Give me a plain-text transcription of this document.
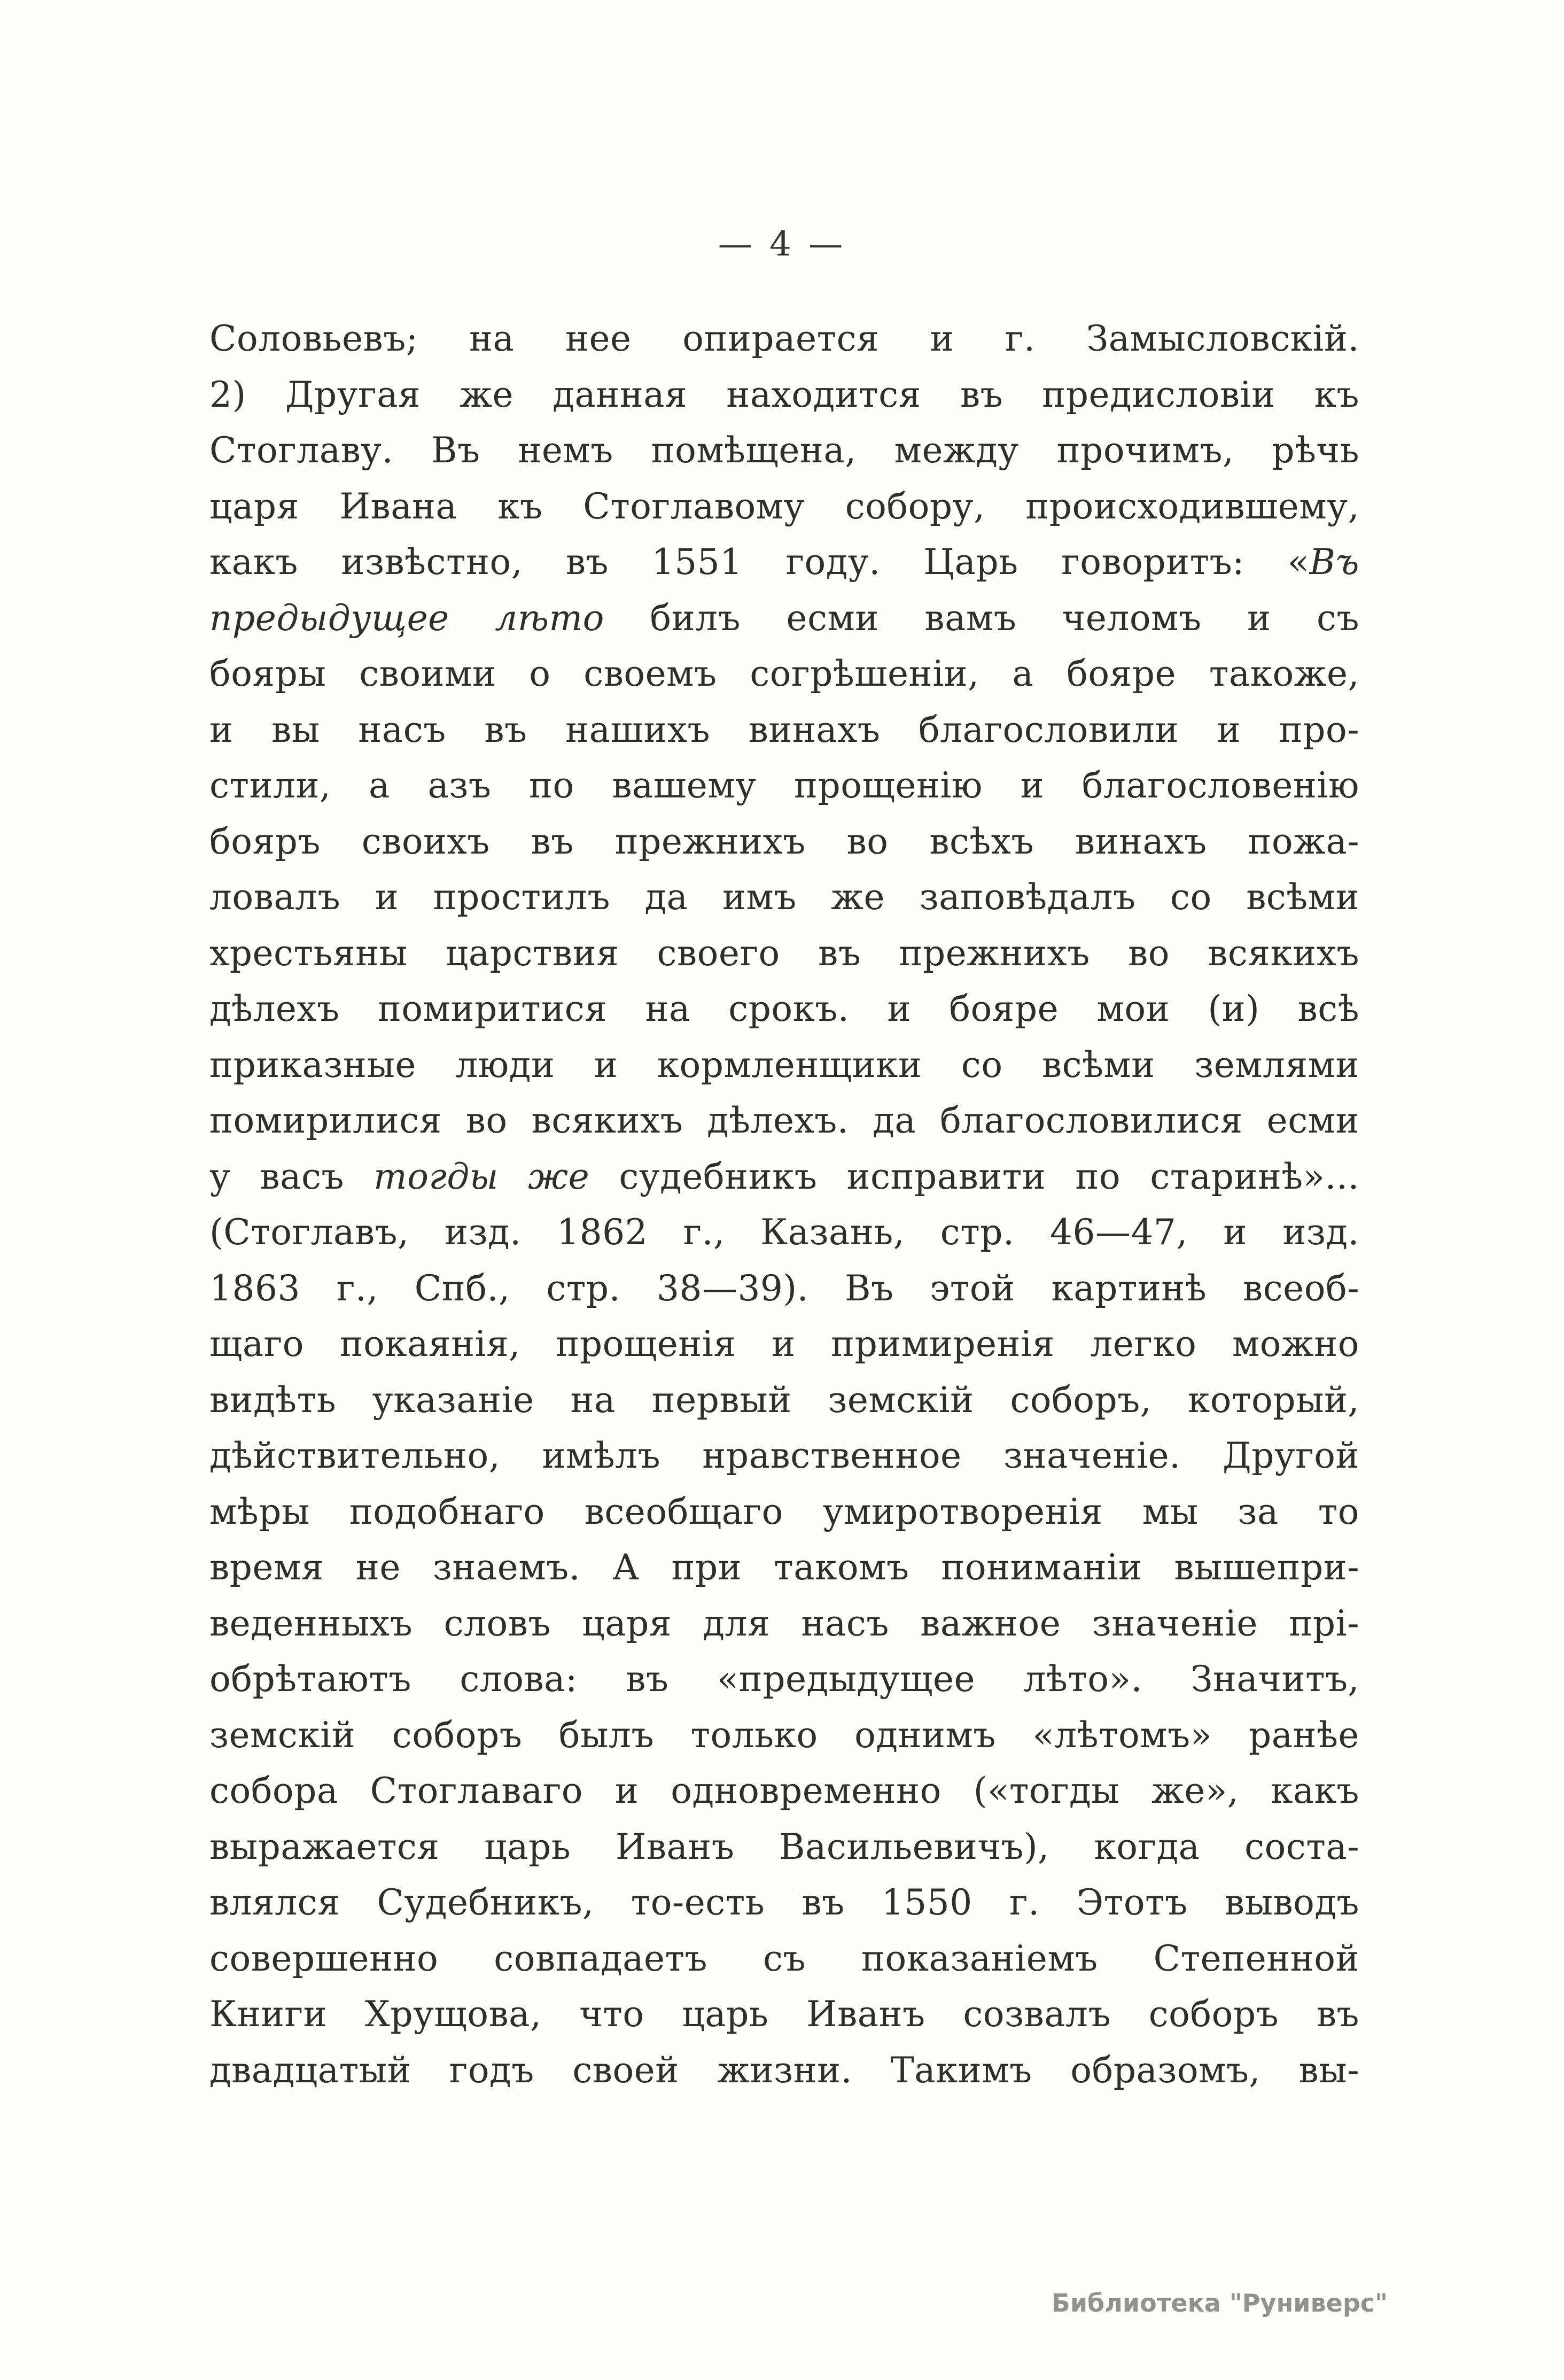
— 4 —
Соловьевъ; на нее опирается и г. Замысловскій.
2) Другая же данная находится въ предисловіи къ
Стоглаву. Въ немъ помѣщена, между прочимъ, рѣчь
царя Ивана къ Стоглавому собору, происходившему,
какъ извѣстно, въ 1551 году. Царь говоритъ: «Въ
предыдущее лѣто билъ есми вамъ челомъ и съ
бояры своими о своемъ согрѣшеніи, а бояре такоже,
и вы насъ въ нашихъ винахъ благословили и про-
стили, а азъ по вашему прощенію и благословенію
бояръ своихъ въ прежнихъ во всѣхъ винахъ пожа-
ловалъ и простилъ да имъ же заповѣдалъ со всѣми
хрестьяны царствия своего въ прежнихъ во всякихъ
дѣлехъ помиритися на срокъ. и бояре мои (и) всѣ
приказные люди и кормленщики со всѣми землями
помирилися во всякихъ дѣлехъ. да благословилися есми
у васъ тогды же судебникъ исправити по старинѣ»...
(Стоглавъ, изд. 1862 г., Казань, стр. 46—47, и изд.
1863 г., Спб., стр. 38—39). Въ этой картинѣ всеоб-
щаго покаянія, прощенія и примиренія легко можно
видѣть указаніе на первый земскій соборъ, который,
дѣйствительно, имѣлъ нравственное значеніе. Другой
мѣры подобнаго всеобщаго умиротворенія мы за то
время не знаемъ. А при такомъ пониманіи вышепри-
веденныхъ словъ царя для насъ важное значеніе прі-
обрѣтаютъ слова: въ «предыдущее лѣто». Значитъ,
земскій соборъ былъ только однимъ «лѣтомъ» ранѣе
собора Стоглаваго и одновременно («тогды же», какъ
выражается царь Иванъ Васильевичъ), когда соста-
влялся Судебникъ, то-есть въ 1550 г. Этотъ выводъ
совершенно совпадаетъ съ показаніемъ Степенной
Книги Хрущова, что царь Иванъ созвалъ соборъ въ
двадцатый годъ своей жизни. Такимъ образомъ, вы-
Библиотека "Руниверс"
